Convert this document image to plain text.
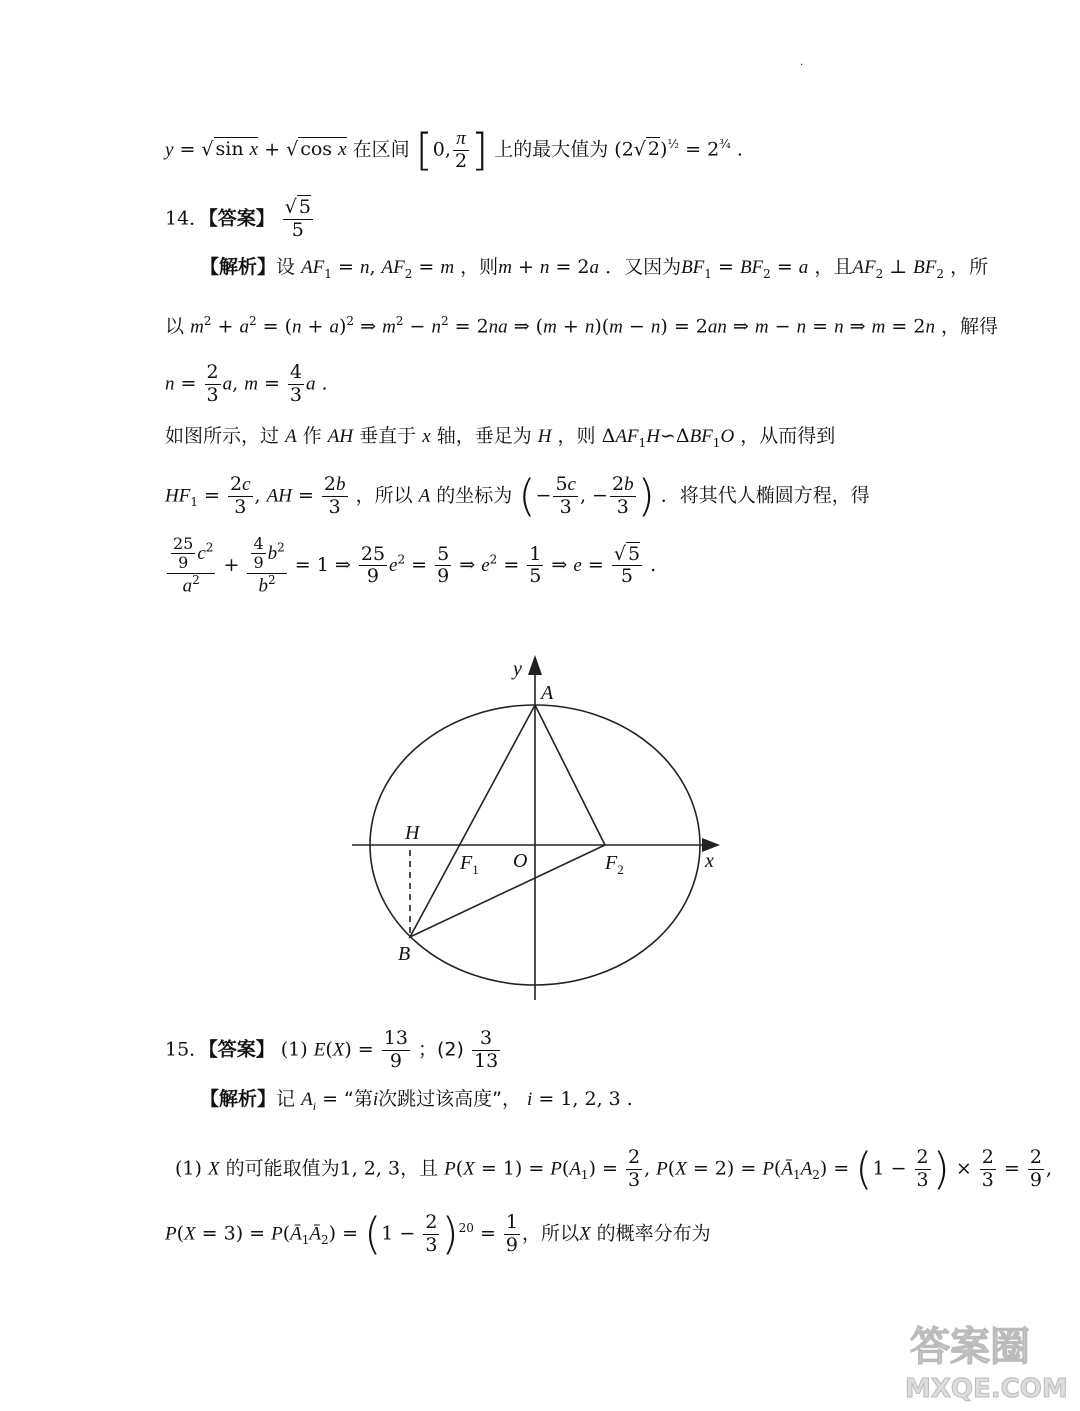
·
y = √ sin x + √ cos x 在区间 [0, $\frac{\pi}{2}$ ] 上的最大值为 (2√ $2)^{\frac{1}{2}} = 2^{\frac{3}{4}}$ .
14．【答案】 $\frac{√ 5}{5}$
【解析】设 $AF_1 = n$, $AF_2 = m$ ，则m + n = 2a ．又因为$BF_1 = BF_2 = a$ ，且$AF_2$ ⊥ $BF_2$ ，所
以 $m^2 + a^2 = (n + a)^2$ ⇒ $m^2 - n^2 = 2na$ ⇒ (m + n)(m − n) = 2an ⇒ m − n = n ⇒ m = 2n ，解得
$n = \frac{2}{3} a$, $m = \frac{4}{3}$ a .
如图所示，过 A 作 AH 垂直于 x 轴，垂足为 H ，则 $\Delta AF_1H∽\Delta BF_1O$ ，从而得到
$HF_1 = \frac{2c}{3}$ , AH = $\frac{2b}{3}$ ，所以 A 的坐标为 (− $\frac{5c}{3}$ , − $\frac{2b}{3}$ ) ．将其代人椭圆方程，得
$\frac{\frac{25}{9} c^2}{a^2} + \frac{\frac{4}{9} b^2}{b^2} = 1$ ⇒ $\frac{25}{9} e^2 = \frac{5}{9}$ ⇒ $e^2 = \frac{1}{5}$ ⇒ $e = \frac{√ 5}{5}$ .
y
A
H
$F_1$ O	$F_2$	x
B
15．【答案】 (1) $E(X) = \frac{13}{9}$ ；$(2) \frac{3}{13}$
【解析】记 $A_i$ = “第i次跳过该高度”， i = 1, 2, 3 .
(1) X 的可能取值为1, 2, 3，且 $P(X = 1) = P(A_1) = \frac{2}{3}$ , $P(X = 2) = P(Ā_1A_2) = (1 - \frac{2}{3}$ ) × $\frac{2}{3} = \frac{2}{9}$ ,
$P(X = 3) = P(Ā_1Ā_2) = (1 - \frac{2}{3} )^{20} = \frac{1}{9}$ ，所以X 的概率分布为
答案圈
MXQE.COM
